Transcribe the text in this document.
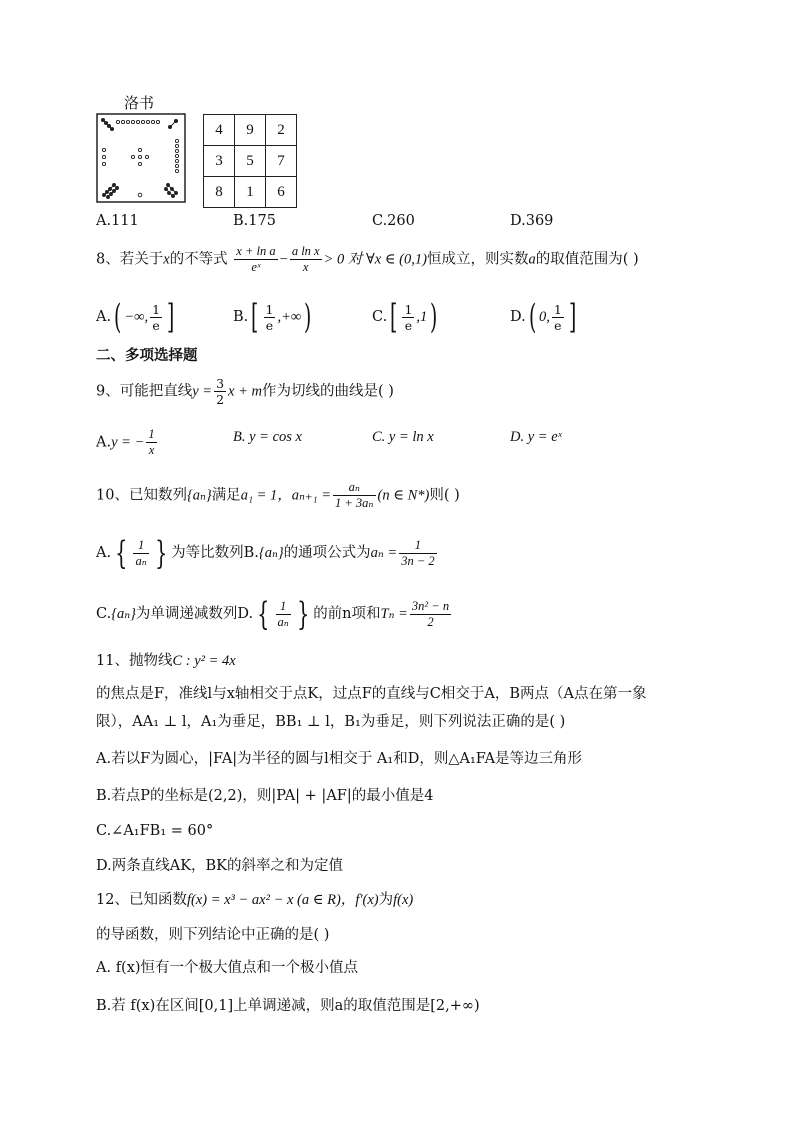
洛书
4	9	2
3	5	7
8	1	6
A.111	B.175	C.260	D.369
8、若关于x的不等式 $\frac{\text{x + ln a}}{\text{eˣ}} - \frac{\text{a ln x}}{x} > 0$ 对 ∀x ∈ (0,1)恒成立，则实数a的取值范围为( )
A.( −∞, $\frac{1}{e}$ ]	$B.[ \frac{1}{e}$ ,+∞)	$C.[ \frac{1}{e} ,1)$	D.( 0, $\frac{1}{e}$ ]
二、多项选择题
9、可能把直线$y = \frac{3}{2}$ x + m作为切线的曲线是( )
A.y = − $\frac{1}{x}$	B. y = cos x	C. y = ln x	D. y = eˣ
10、已知数列{aₙ}满足a₁ = 1，$a_{n+1} = \frac{\text{aₙ}}{\text{1 + 3aₙ}} (n$ ∈ N*)则( )
A. { $\frac{1}{\text{aₙ}}$ } 为等比数列B.{aₙ}的通项公式为$a_n = \frac{1}{3n - 2}$
C.{aₙ}为单调递减数列D. { $\frac{1}{\text{aₙ}}$ } 的前n项和$T_n = \frac{\text{3n² − n}}{2}$
11、抛物线C : y² = 4x
的焦点是F，准线l与x轴相交于点K，过点F的直线与C相交于A，B两点（A点在第一象
限），AA₁ ⊥ l，A₁为垂足，BB₁ ⊥ l，B₁为垂足，则下列说法正确的是( )
A.若以F为圆心，|FA|为半径的圆与l相交于 A₁和D，则△A₁FA是等边三角形
B.若点P的坐标是(2,2)，则|PA| + |AF|的最小值是4
C.∠A₁FB₁ = 60°
D.两条直线AK，BK的斜率之和为定值
12、已知函数f(x) = x³ − ax² − x (a ∈ R)，f′(x)为f(x)
的导函数，则下列结论中正确的是( )
A. f(x)恒有一个极大值点和一个极小值点
B.若 f(x)在区间[0,1]上单调递减，则a的取值范围是[2,+∞)
